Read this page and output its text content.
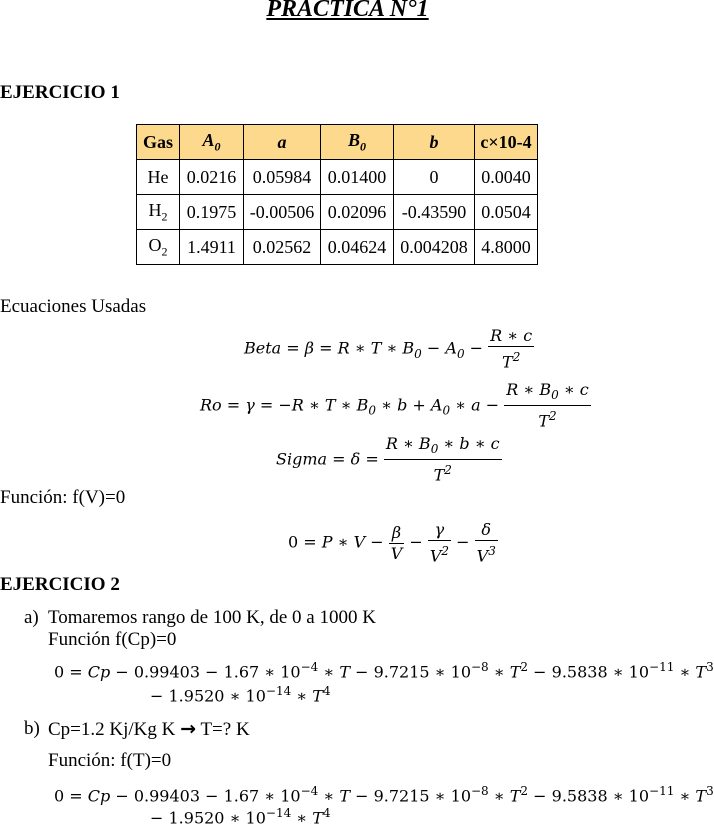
PRACTICA N°1
EJERCICIO 1
Gas	$A_0$	a	$B_0$	b	c×10-4
He	0.0216	0.05984	0.01400	0	0.0040
$H_2$	0.1975	-0.00506	0.02096	-0.43590	0.0504
$O_2$	1.4911	0.02562	0.04624	0.004208	4.8000
Ecuaciones Usadas
Beta = β = R ∗ T ∗ $B_0 - A_0 - \frac{R ∗ c}{T^2}$
Ro = γ = −R ∗ T ∗ $B_0$ ∗ $b + A_0$ ∗ $a - \frac{R ∗ B_0 ∗ c}{T^2}$
Sigma = $\delta = \frac{R ∗ B_0 ∗ b ∗ c}{T^2}$
Función: f(V)=0
0 = P ∗ $V - \frac{\beta}{V} - \frac{\gamma}{V^2} - \frac{\delta}{V^3}$
EJERCICIO 2
a) Tomaremos rango de 100 K, de 0 a 1000 K
Función f(Cp)=0
0 = Cp − 0.99403 − 1.67 ∗ $10^{-4}$ ∗ T − 9.7215 ∗ $10^{-8}$ ∗ $T^2 - 9.5838$ ∗ $10^{-11}$ ∗ $T^3$
− 1.9520 ∗ $10^{-14}$ ∗ $T^4$
b) Cp=1.2 Kj/Kg K → T=? K
Función: f(T)=0
0 = Cp − 0.99403 − 1.67 ∗ $10^{-4}$ ∗ T − 9.7215 ∗ $10^{-8}$ ∗ $T^2 - 9.5838$ ∗ $10^{-11}$ ∗ $T^3$
− 1.9520 ∗ $10^{-14}$ ∗ $T^4$
